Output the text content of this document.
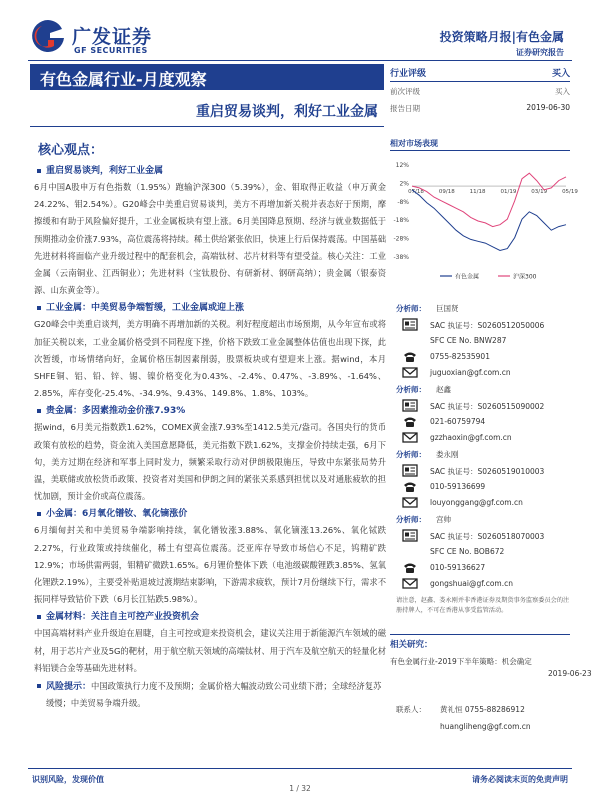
广发证券
GF SECURITIES
投资策略月报|有色金属
证券研究报告
有色金属行业-月度观察
重启贸易谈判，利好工业金属
核心观点：
重启贸易谈判，利好工业金属
6月中国A股申万有色指数（1.95%）跑输沪深300（5.39%），金、钼取得正收益（申万黄金24.22%、钼2.54%）。G20峰会中美重启贸易谈判，美方不再增加新关税并表态好于预期，摩擦缓和有助于风险偏好提升，工业金属板块有望上涨。6月美国降息预期、经济与就业数据低于预期推动金价涨7.93%，高位震荡将持续。稀土供给紧张依旧，快速上行后保持震荡。中国基础先进材料将面临产业升级过程中的配套机会，高端钛材、芯片材料等有望受益。核心关注：工业金属（云南铜业、江西铜业）；先进材料（宝钛股份、有研新材、钢研高纳）；贵金属（银泰资源、山东黄金等）。
工业金属：中美贸易争端暂缓，工业金属或迎上涨
G20峰会中美重启谈判，美方明确不再增加新的关税。利好程度超出市场预期，从今年宣布或将加征关税以来，工业金属价格受到不同程度下挫，价格下跌致工业金属整体估值也出现下探，此次暂缓，市场情绪向好，金属价格压制因素削弱，股票板块或有望迎来上涨。据wind，本月SHFE铜、铝、铅、锌、锡、镍价格变化为0.43%、-2.4%、0.47%、-3.89%、-1.64%、2.85%，库存变化-25.4%、-34.9%、9.43%、149.8%、1.8%、103%。
贵金属：多因素推动金价涨7.93%
据wind，6月美元指数跌1.62%，COMEX黄金涨7.93%至1412.5美元/盎司。各国央行的货币政策有放松的趋势，资金流入美国意愿降低，美元指数下跌1.62%，支撑金价持续走强，6月下旬，美方过期在经济和军事上同时发力，频繁采取行动对伊朗极限施压，导致中东紧张局势升温，美联储或放松货币政策、投资者对美国和伊朗之间的紧张关系感到担忧以及对通胀疲软的担忧加剧，预计金价或高位震荡。
小金属：6月氧化镨钕、氧化镝涨价
6月缅甸封关和中美贸易争端影响持续，氧化镨钕涨3.88%、氧化镝涨13.26%、氧化铽跌2.27%，行业政策或持续催化，稀土有望高位震荡。泛亚库存导致市场信心不足，钨精矿跌12.9%；市场供需两弱，钼精矿微跌1.65%。6月锂价整体下跌（电池级碳酸锂跌3.85%、氢氧化锂跌2.19%），主要受补贴退坡过渡期结束影响，下游需求疲软，预计7月份继续下行，需求不振同样导致钴价下跌（6月长江钴跌5.98%）。
金属材料：关注自主可控产业投资机会
中国高端材料产业升级迫在眉睫，自主可控或迎来投资机会，建议关注用于新能源汽车领域的磁材，用于芯片产业及5G的靶材，用于航空航天领域的高端钛材、用于汽车及航空航天的轻量化材料铝镁合金等基础先进材料。
风险提示：中国政策执行力度不及预期；金属价格大幅波动致公司业绩下滑；全球经济复苏缓慢；中美贸易争端升级。
行业评级	买入
前次评级	买入
报告日期	2019-06-30
相对市场表现
12%
2%
-8%
-18%
-28%
-38%
07/18	09/18	11/18	01/19	03/19	05/19
有色金属	沪深300
分析师： 巨国贤
SAC 执证号：S0260512050006
SFC CE No. BNW287
0755-82535901
juguoxian@gf.com.cn
分析师： 赵鑫
SAC 执证号：S0260515090002
021-60759794
gzzhaoxin@gf.com.cn
分析师： 娄永刚
SAC 执证号：S0260519010003
010-59136699
louyonggang@gf.com.cn
分析师： 宫帅
SAC 执证号：S0260518070003
SFC CE No. BOB672
010-59136627
gongshuai@gf.com.cn
请注意，赵鑫、娄永刚并非香港证券及期货事务监察委员会的注册持牌人，不可在香港从事受监管活动。
相关研究：
有色金属行业-2019下半年策略：机会确定
2019-06-23
联系人： 黄礼恒 0755-88286912
huanglih​eng@gf.com.cn
识别风险，发现价值	请务必阅读末页的免责声明
1 / 32
